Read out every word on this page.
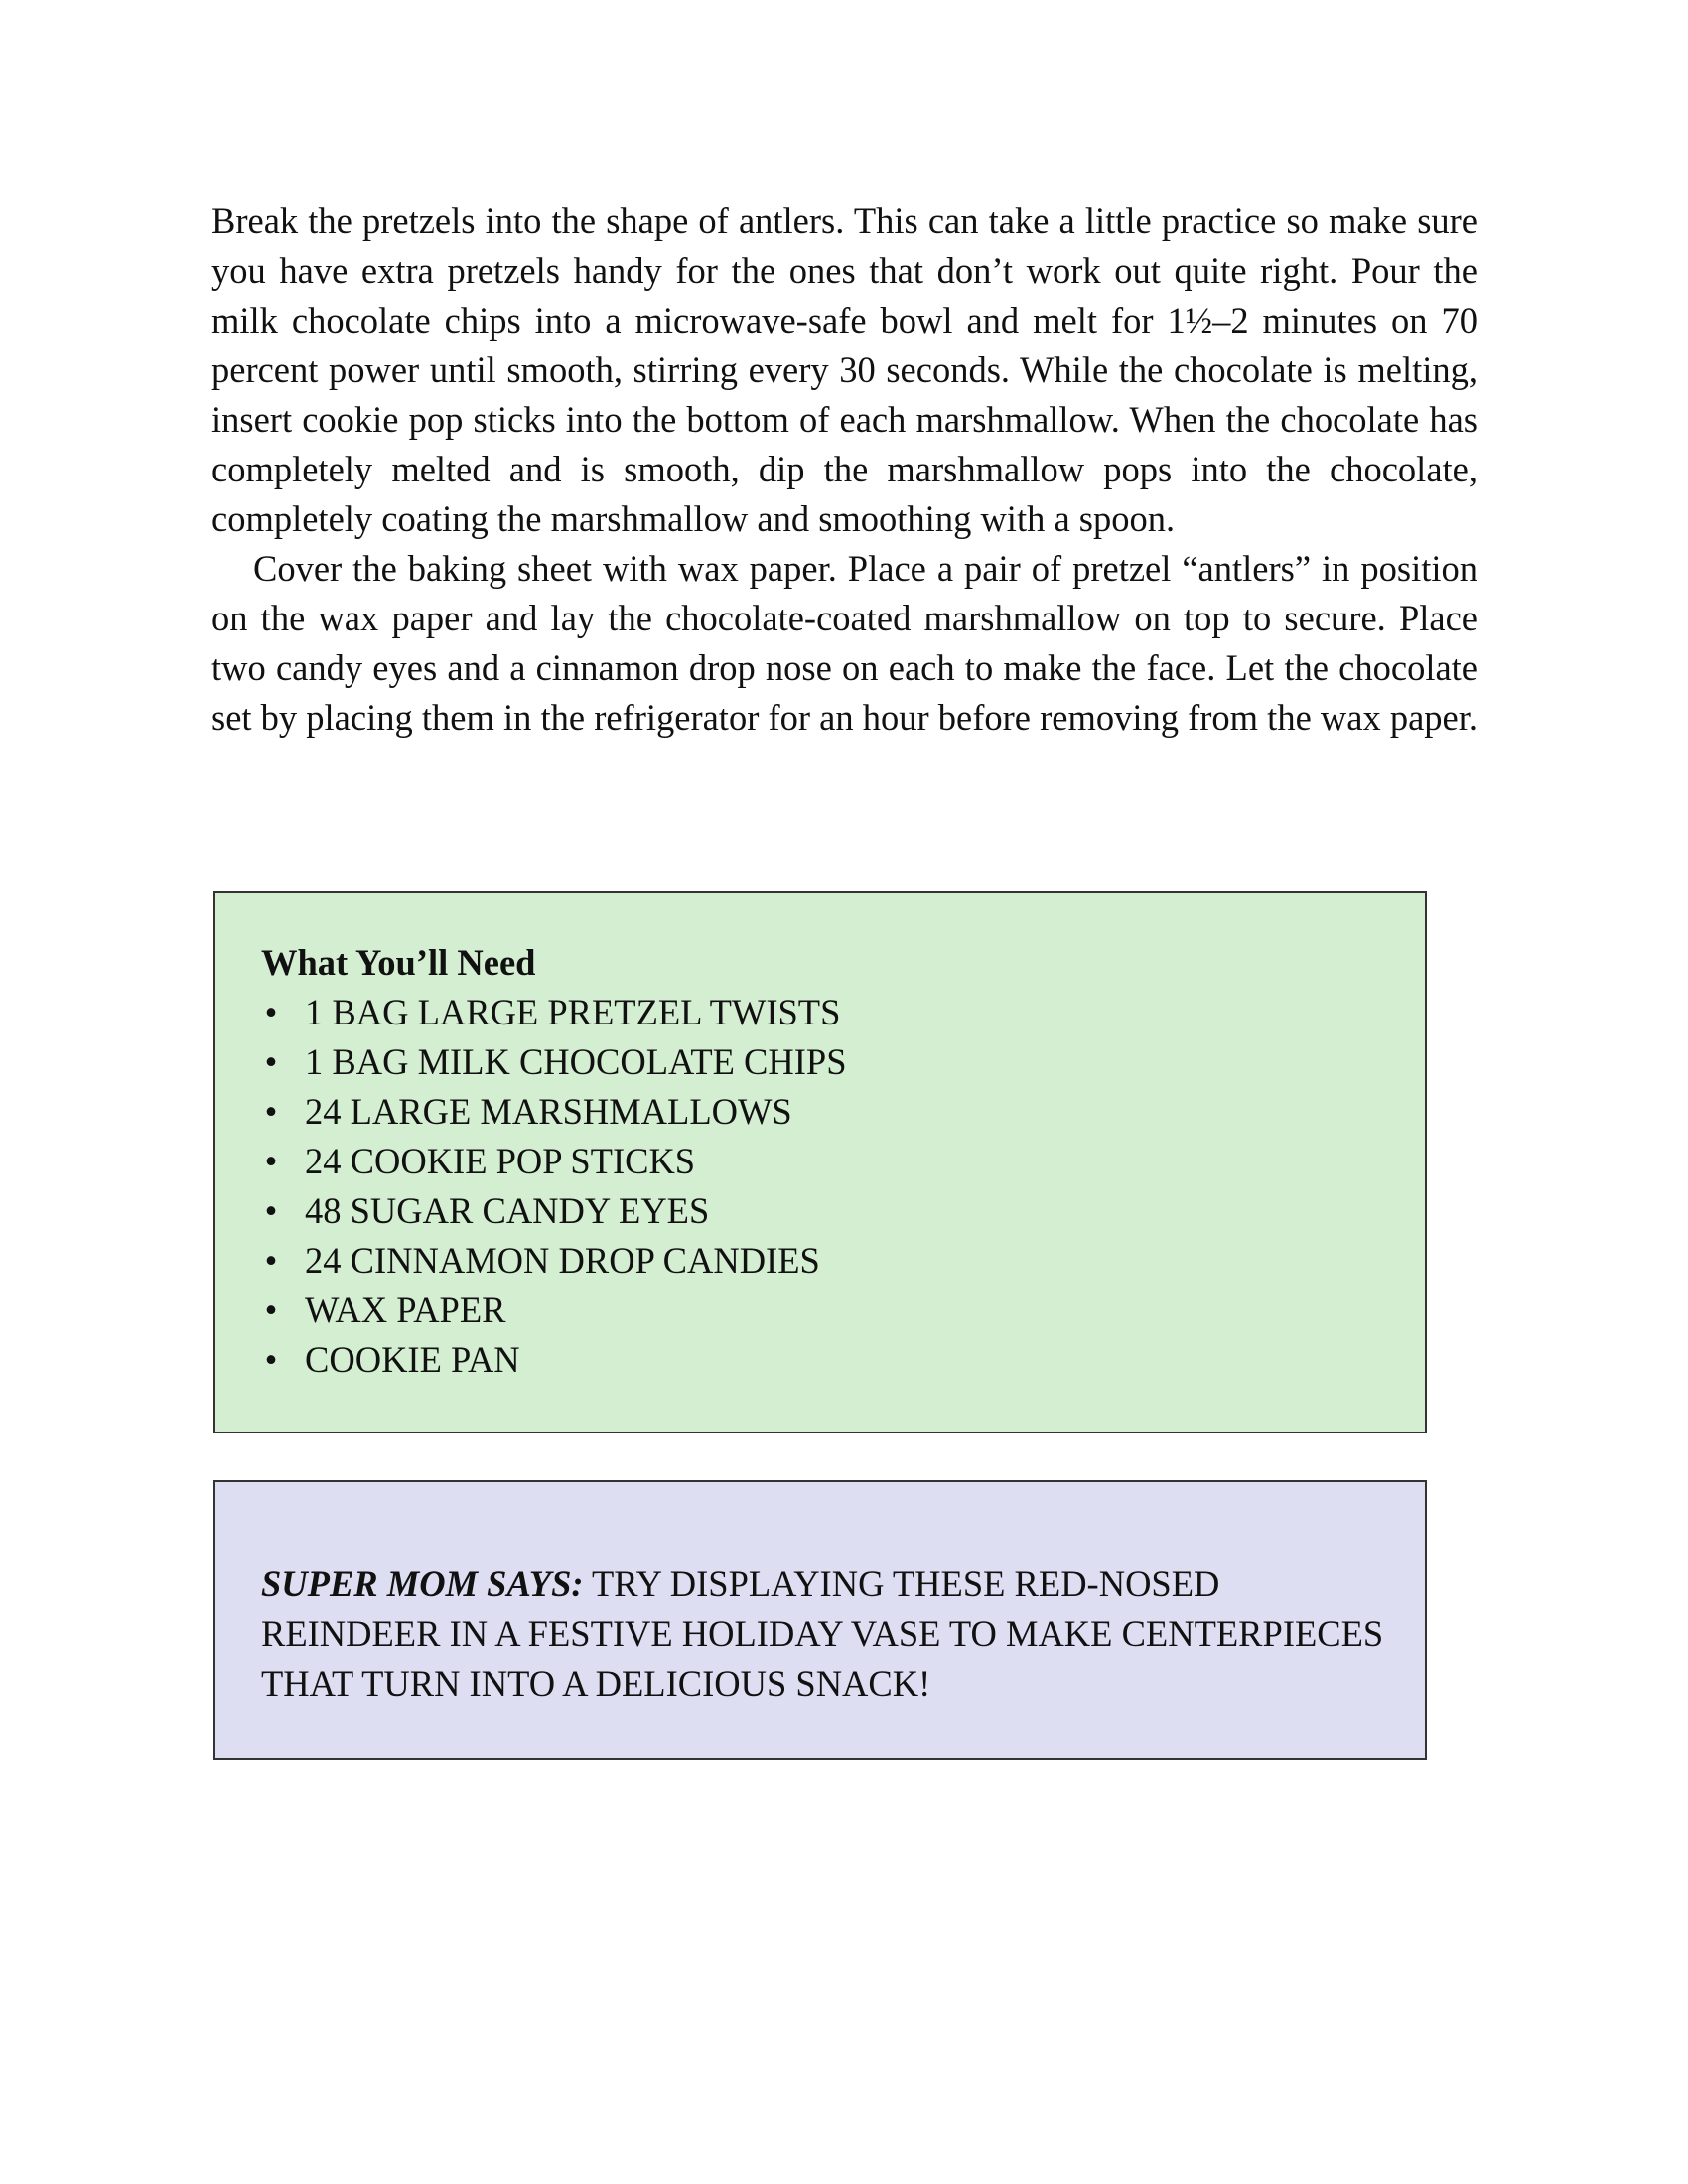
Break the pretzels into the shape of antlers. This can take a little practice so make sure you have extra pretzels handy for the ones that don’t work out quite right. Pour the milk chocolate chips into a microwave-safe bowl and melt for 1½–2 minutes on 70 percent power until smooth, stirring every 30 seconds. While the chocolate is melting, insert cookie pop sticks into the bottom of each marshmallow. When the chocolate has completely melted and is smooth, dip the marshmallow pops into the chocolate, completely coating the marshmallow and smoothing with a spoon.

Cover the baking sheet with wax paper. Place a pair of pretzel “antlers” in position on the wax paper and lay the chocolate-coated marshmallow on top to secure. Place two candy eyes and a cinnamon drop nose on each to make the face. Let the chocolate set by placing them in the refrigerator for an hour before removing from the wax paper.

What You’ll Need

• 1 BAG LARGE PRETZEL TWISTS
• 1 BAG MILK CHOCOLATE CHIPS
• 24 LARGE MARSHMALLOWS
• 24 COOKIE POP STICKS
• 48 SUGAR CANDY EYES
• 24 CINNAMON DROP CANDIES
• WAX PAPER
• COOKIE PAN
SUPER MOM SAYS: TRY DISPLAYING THESE RED-NOSED REINDEER IN A FESTIVE HOLIDAY VASE TO MAKE CENTERPIECES THAT TURN INTO A DELICIOUS SNACK!
